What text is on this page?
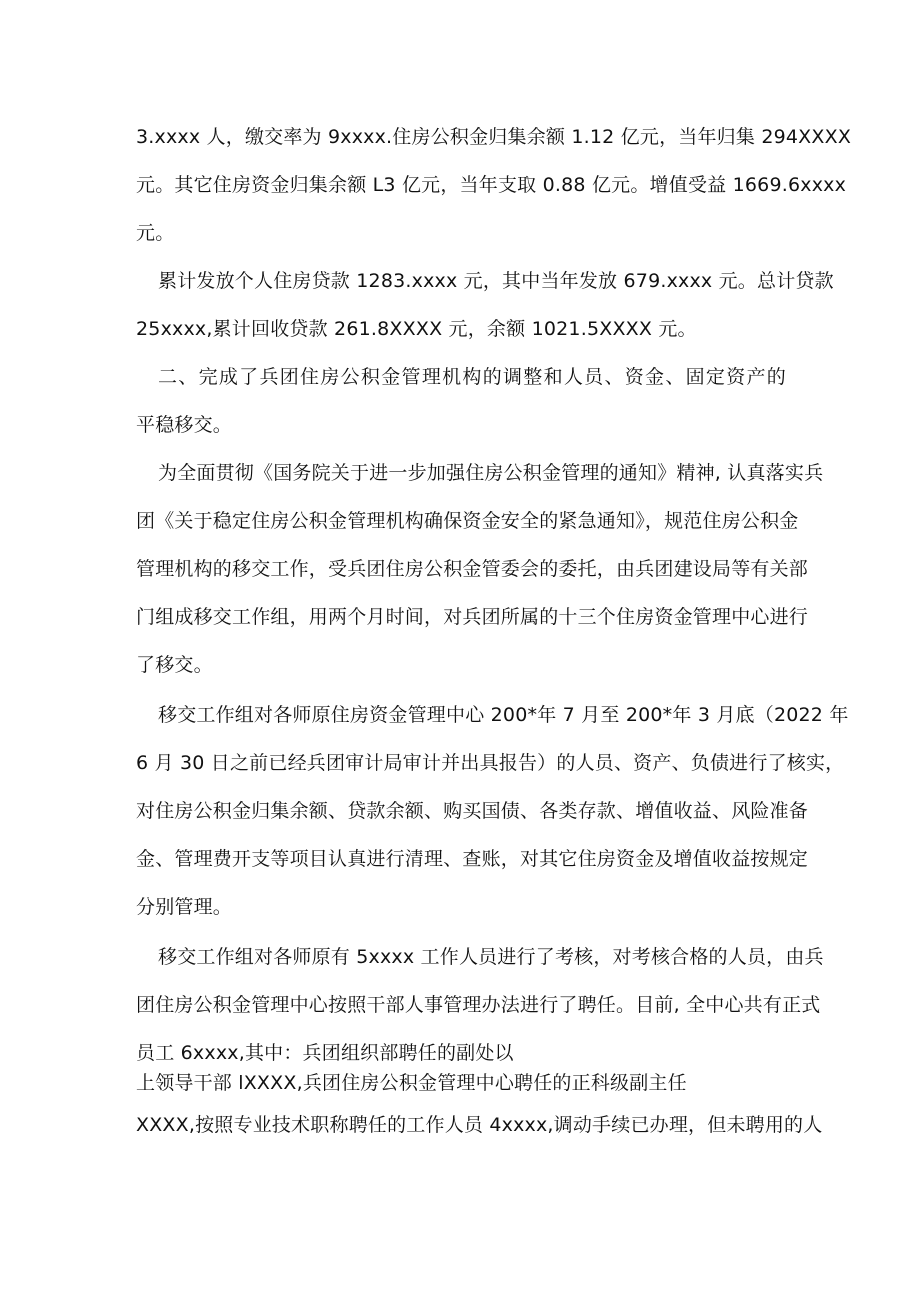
3.xxxx 人，缴交率为 9xxxx.住房公积金归集余额 1.12 亿元，当年归集 294XXXX
元。其它住房资金归集余额 L3 亿元，当年支取 0.88 亿元。增值受益 1669.6xxxx
元。
累计发放个人住房贷款 1283.xxxx 元，其中当年发放 679.xxxx 元。总计贷款
25xxxx,累计回收贷款 261.8XXXX 元，余额 1021.5XXXX 元。
二、完成了兵团住房公积金管理机构的调整和人员、资金、固定资产的
平稳移交。
为全面贯彻《国务院关于进一步加强住房公积金管理的通知》精神, 认真落实兵
团《关于稳定住房公积金管理机构确保资金安全的紧急通知》，规范住房公积金
管理机构的移交工作，受兵团住房公积金管委会的委托，由兵团建设局等有关部
门组成移交工作组，用两个月时间，对兵团所属的十三个住房资金管理中心进行
了移交。
移交工作组对各师原住房资金管理中心 200*年 7 月至 200*年 3 月底（2022 年
6 月 30 日之前已经兵团审计局审计并出具报告）的人员、资产、负债进行了核实，
对住房公积金归集余额、贷款余额、购买国债、各类存款、增值收益、风险准备
金、管理费开支等项目认真进行清理、查账，对其它住房资金及增值收益按规定
分别管理。
移交工作组对各师原有 5xxxx 工作人员进行了考核，对考核合格的人员，由兵
团住房公积金管理中心按照干部人事管理办法进行了聘任。目前, 全中心共有正式
员工 6xxxx,其中：兵团组织部聘任的副处以
上领导干部 lXXXX,兵团住房公积金管理中心聘任的正科级副主任
XXXX,按照专业技术职称聘任的工作人员 4xxxx,调动手续已办理，但未聘用的人
